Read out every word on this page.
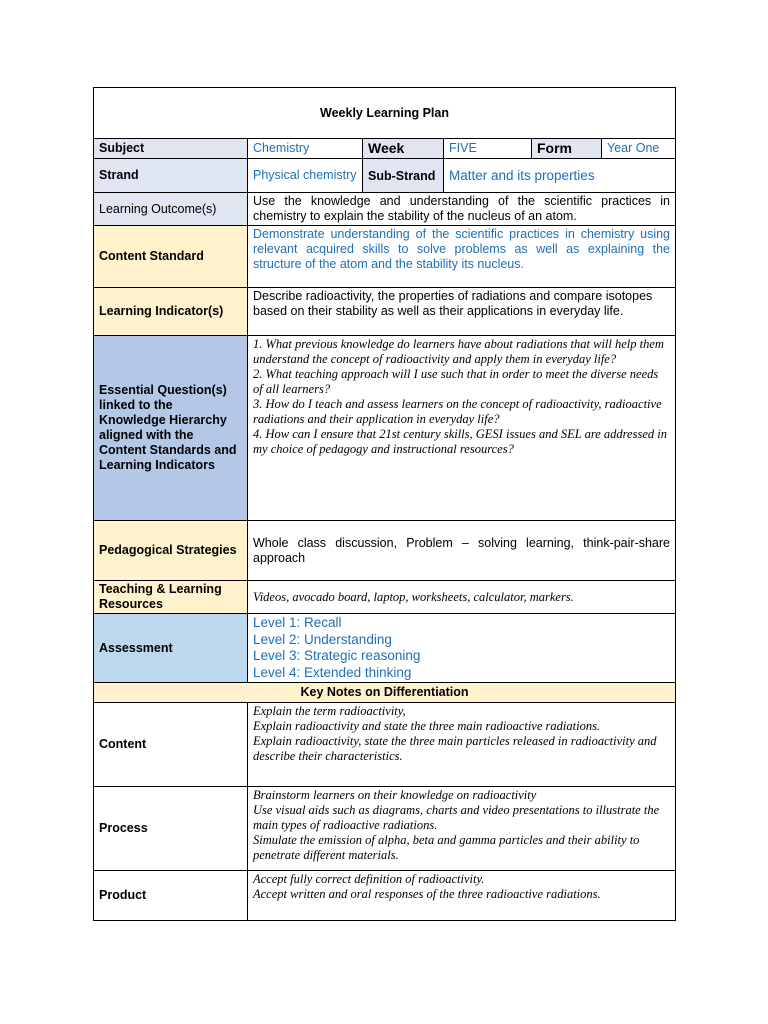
Weekly Learning Plan					
Subject	Chemistry	Week	FIVE	Form	Year One
Strand	Physical chemistry	Sub-Strand	Matter and its properties		
Learning Outcome(s)	Use the knowledge and understanding of the scientific practices in chemistry to explain the stability of the nucleus of an atom.				
Content Standard	Demonstrate understanding of the scientific practices in chemistry using relevant acquired skills to solve problems as well as explaining the structure of the atom and the stability its nucleus.				
Learning Indicator(s)	Describe radioactivity, the properties of radiations and compare isotopes based on their stability as well as their applications in everyday life.				
Essential Question(s) linked to the Knowledge Hierarchy aligned with the Content Standards and Learning Indicators	1. What previous knowledge do learners have about radiations that will help them understand the concept of radioactivity and apply them in everyday life?
2. What teaching approach will I use such that in order to meet the diverse needs of all learners?
3. How do I teach and assess learners on the concept of radioactivity, radioactive radiations and their application in everyday life?
4. How can I ensure that 21st century skills, GESI issues and SEL are addressed in my choice of pedagogy and instructional resources?				

Pedagogical Strategies	Whole class discussion, Problem – solving learning, think-pair-share approach				
Teaching & Learning Resources	Videos, avocado board, laptop, worksheets, calculator, markers.				
Assessment	Level 1: Recall
Level 2: Understanding
Level 3: Strategic reasoning
Level 4: Extended thinking				

Key Notes on Differentiation					
Content	Explain the term radioactivity,
Explain radioactivity and state the three main radioactive radiations.
Explain radioactivity, state the three main particles released in radioactivity and describe their characteristics.				

Process	Brainstorm learners on their knowledge on radioactivity
Use visual aids such as diagrams, charts and video presentations to illustrate the main types of radioactive radiations.
Simulate the emission of alpha, beta and gamma particles and their ability to penetrate different materials.				

Product	Accept fully correct definition of radioactivity.
Accept written and oral responses of the three radioactive radiations.				
